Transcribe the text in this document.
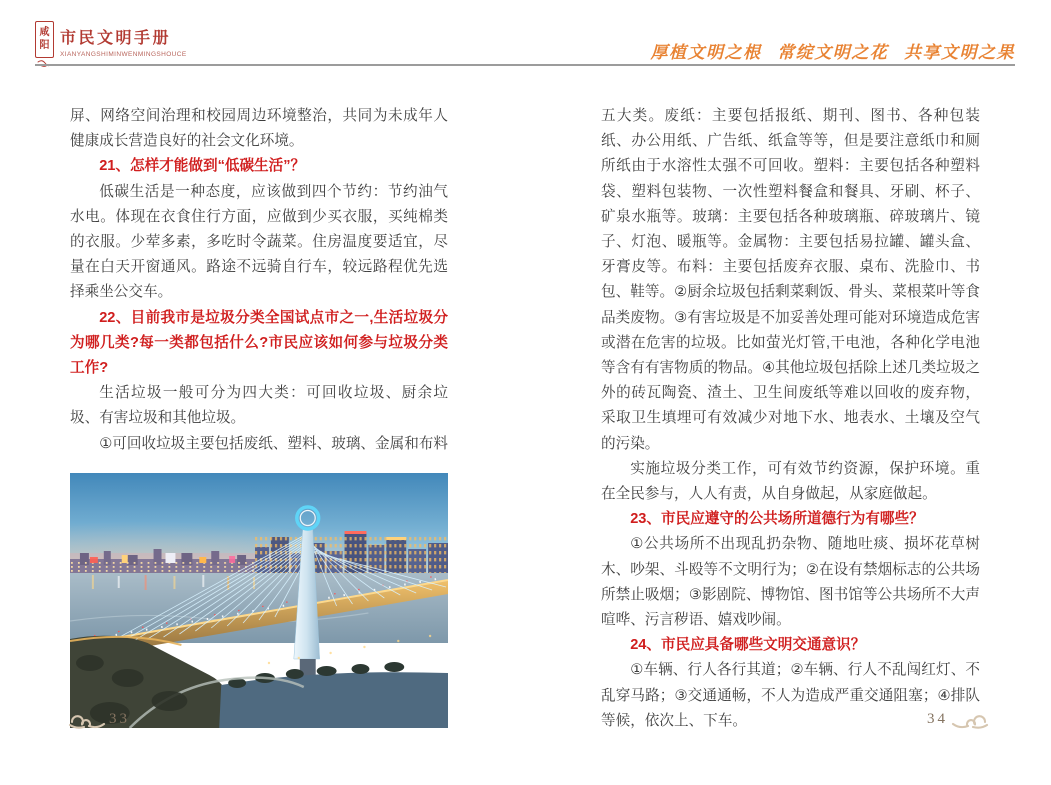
咸
阳 市民文明手册
XIANYANGSHIMINWENMINGSHOUCE	厚植文明之根 常绽文明之花 共享文明之果

屏、网络空间治理和校园周边环境整治，共同为未成年人健康成长营造良好的社会文化环境。

21、怎样才能做到“低碳生活”？

低碳生活是一种态度，应该做到四个节约：节约油气水电。体现在衣食住行方面，应做到少买衣服，买纯棉类的衣服。少荤多素，多吃时令蔬菜。住房温度要适宜，尽量在白天开窗通风。路途不远骑自行车，较远路程优先选择乘坐公交车。

22、目前我市是垃圾分类全国试点市之一,生活垃圾分为哪几类?每一类都包括什么?市民应该如何参与垃圾分类工作?

生活垃圾一般可分为四大类：可回收垃圾、厨余垃圾、有害垃圾和其他垃圾。

①可回收垃圾主要包括废纸、塑料、玻璃、金属和布料

五大类。废纸：主要包括报纸、期刊、图书、各种包装纸、办公用纸、广告纸、纸盒等等，但是要注意纸巾和厕所纸由于水溶性太强不可回收。塑料：主要包括各种塑料袋、塑料包装物、一次性塑料餐盒和餐具、牙刷、杯子、矿泉水瓶等。玻璃：主要包括各种玻璃瓶、碎玻璃片、镜子、灯泡、暖瓶等。金属物：主要包括易拉罐、罐头盒、牙膏皮等。布料：主要包括废弃衣服、桌布、洗脸巾、书包、鞋等。②厨余垃圾包括剩菜剩饭、骨头、菜根菜叶等食品类废物。③有害垃圾是不加妥善处理可能对环境造成危害或潜在危害的垃圾。比如萤光灯管,干电池，各种化学电池等含有有害物质的物品。④其他垃圾包括除上述几类垃圾之外的砖瓦陶瓷、渣土、卫生间废纸等难以回收的废弃物，采取卫生填埋可有效减少对地下水、地表水、土壤及空气的污染。

实施垃圾分类工作，可有效节约资源，保护环境。重在全民参与，人人有责，从自身做起，从家庭做起。

23、市民应遵守的公共场所道德行为有哪些？

①公共场所不出现乱扔杂物、随地吐痰、损坏花草树木、吵架、斗殴等不文明行为；②在设有禁烟标志的公共场所禁止吸烟；③影剧院、博物馆、图书馆等公共场所不大声喧哗、污言秽语、嬉戏吵闹。

24、市民应具备哪些文明交通意识？

①车辆、行人各行其道；②车辆、行人不乱闯红灯、不乱穿马路；③交通通畅，不人为造成严重交通阻塞；④排队等候，依次上、下车。

33	34
